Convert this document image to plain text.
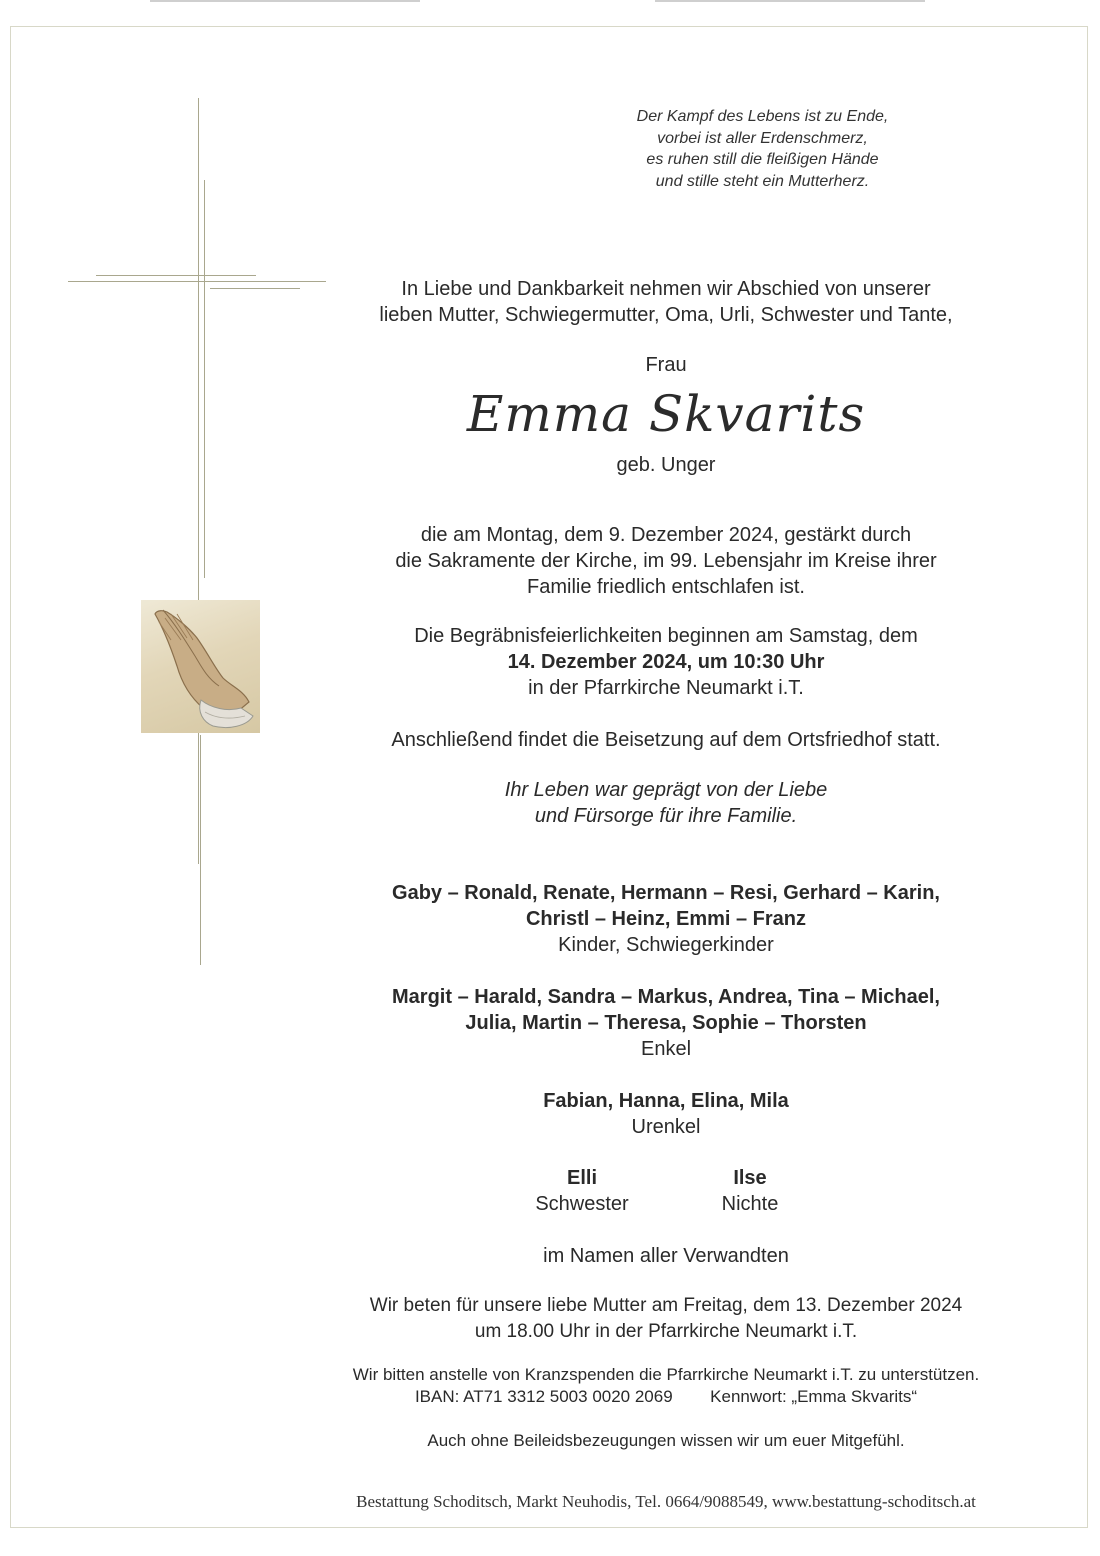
Der Kampf des Lebens ist zu Ende,
vorbei ist aller Erdenschmerz,
es ruhen still die fleißigen Hände
und stille steht ein Mutterherz.
In Liebe und Dankbarkeit nehmen wir Abschied von unserer
lieben Mutter, Schwiegermutter, Oma, Urli, Schwester und Tante,
Frau
Emma Skvarits
geb. Unger
die am Montag, dem 9. Dezember 2024, gestärkt durch
die Sakramente der Kirche, im 99. Lebensjahr im Kreise ihrer
Familie friedlich entschlafen ist.
Die Begräbnisfeierlichkeiten beginnen am Samstag, dem
14. Dezember 2024, um 10:30 Uhr
in der Pfarrkirche Neumarkt i.T.
Anschließend findet die Beisetzung auf dem Ortsfriedhof statt.
Ihr Leben war geprägt von der Liebe
und Fürsorge für ihre Familie.
Gaby – Ronald, Renate, Hermann – Resi, Gerhard – Karin,
Christl – Heinz, Emmi – Franz
Kinder, Schwiegerkinder
Margit – Harald, Sandra – Markus, Andrea, Tina – Michael,
Julia, Martin – Theresa, Sophie – Thorsten
Enkel
Fabian, Hanna, Elina, Mila
Urenkel
Elli
Schwester
Ilse
Nichte
im Namen aller Verwandten
Wir beten für unsere liebe Mutter am Freitag, dem 13. Dezember 2024
um 18.00 Uhr in der Pfarrkirche Neumarkt i.T.
Wir bitten anstelle von Kranzspenden die Pfarrkirche Neumarkt i.T. zu unterstützen.
IBAN: AT71 3312 5003 0020 2069 Kennwort: „Emma Skvarits“
Auch ohne Beileidsbezeugungen wissen wir um euer Mitgefühl.
Bestattung Schoditsch, Markt Neuhodis, Tel. 0664/9088549, www.bestattung-schoditsch.at
